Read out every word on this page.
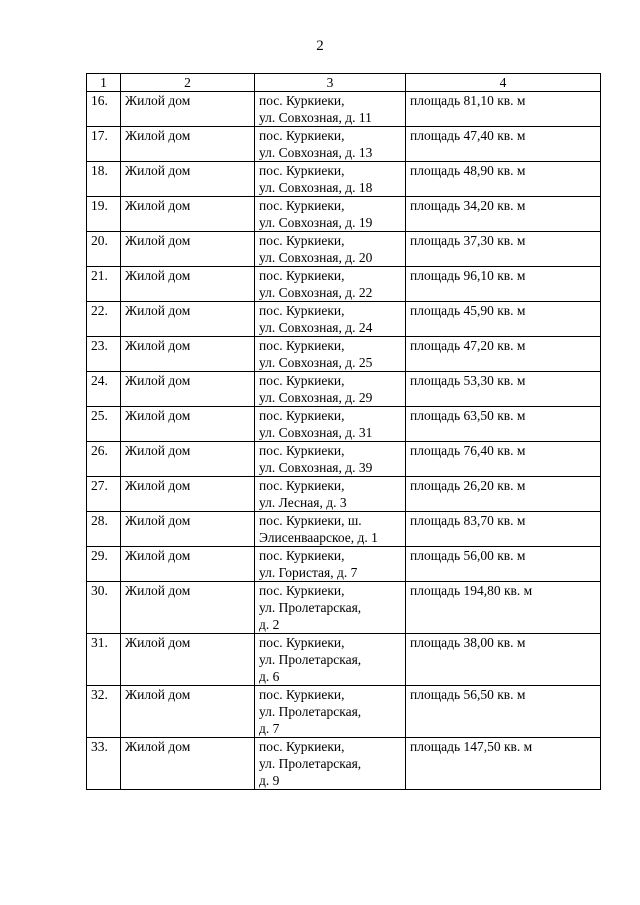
2
1	2	3	4
16.	Жилой дом	пос. Куркиеки,
ул. Совхозная, д. 11	площадь 81,10 кв. м
17.	Жилой дом	пос. Куркиеки,
ул. Совхозная, д. 13	площадь 47,40 кв. м
18.	Жилой дом	пос. Куркиеки,
ул. Совхозная, д. 18	площадь 48,90 кв. м
19.	Жилой дом	пос. Куркиеки,
ул. Совхозная, д. 19	площадь 34,20 кв. м
20.	Жилой дом	пос. Куркиеки,
ул. Совхозная, д. 20	площадь 37,30 кв. м
21.	Жилой дом	пос. Куркиеки,
ул. Совхозная, д. 22	площадь 96,10 кв. м
22.	Жилой дом	пос. Куркиеки,
ул. Совхозная, д. 24	площадь 45,90 кв. м
23.	Жилой дом	пос. Куркиеки,
ул. Совхозная, д. 25	площадь 47,20 кв. м
24.	Жилой дом	пос. Куркиеки,
ул. Совхозная, д. 29	площадь 53,30 кв. м
25.	Жилой дом	пос. Куркиеки,
ул. Совхозная, д. 31	площадь 63,50 кв. м
26.	Жилой дом	пос. Куркиеки,
ул. Совхозная, д. 39	площадь 76,40 кв. м
27.	Жилой дом	пос. Куркиеки,
ул. Лесная, д. 3	площадь 26,20 кв. м
28.	Жилой дом	пос. Куркиеки, ш.
Элисенваарское, д. 1	площадь 83,70 кв. м
29.	Жилой дом	пос. Куркиеки,
ул. Гористая, д. 7	площадь 56,00 кв. м
30.	Жилой дом	пос. Куркиеки,
ул. Пролетарская,
д. 2	площадь 194,80 кв. м
31.	Жилой дом	пос. Куркиеки,
ул. Пролетарская,
д. 6	площадь 38,00 кв. м
32.	Жилой дом	пос. Куркиеки,
ул. Пролетарская,
д. 7	площадь 56,50 кв. м
33.	Жилой дом	пос. Куркиеки,
ул. Пролетарская,
д. 9	площадь 147,50 кв. м
